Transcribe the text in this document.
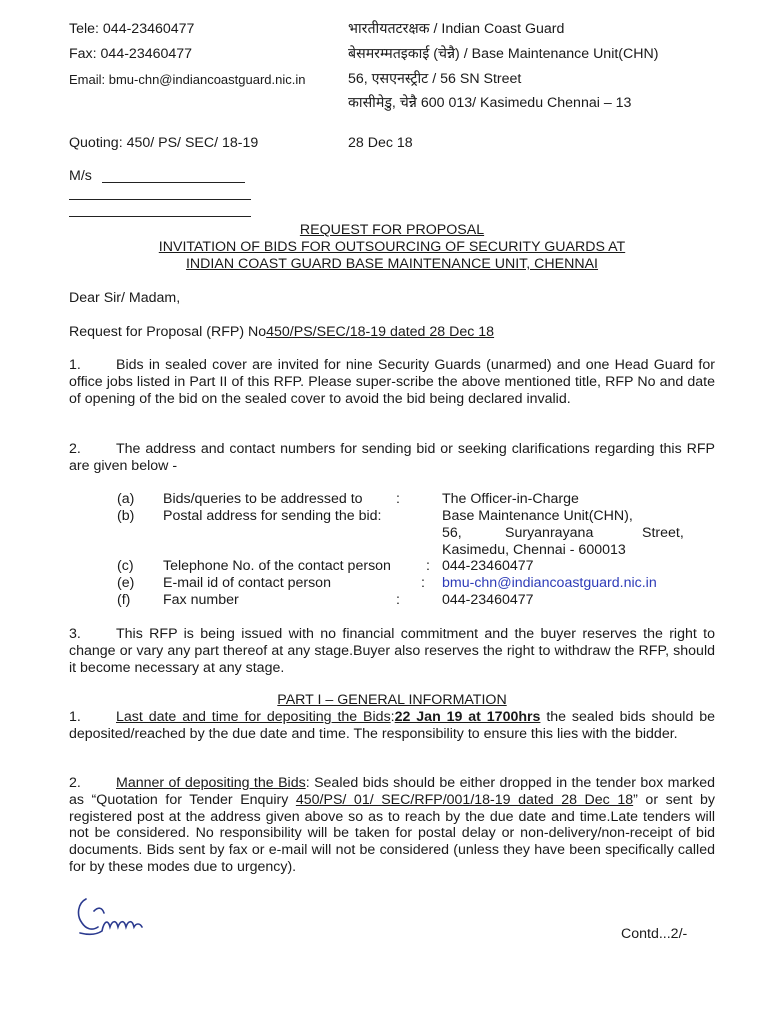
Tele: 044-23460477
Fax: 044-23460477
Email: bmu-chn@indiancoastguard.nic.in
भारतीयतटरक्षक / Indian Coast Guard
बेसमरम्मतइकाई (चेन्नै) / Base Maintenance Unit(CHN)
56, एसएनस्ट्रीट / 56 SN Street
कासीमेडु, चेन्नै 600 013/ Kasimedu Chennai – 13
Quoting: 450/ PS/ SEC/ 18-19	28 Dec 18
M/s
REQUEST FOR PROPOSAL
INVITATION OF BIDS FOR OUTSOURCING OF SECURITY GUARDS AT
INDIAN COAST GUARD BASE MAINTENANCE UNIT, CHENNAI
Dear Sir/ Madam,
Request for Proposal (RFP) No450/PS/SEC/18-19 dated 28 Dec 18
1. Bids in sealed cover are invited for nine Security Guards (unarmed) and one Head Guard for office jobs listed in Part II of this RFP. Please super-scribe the above mentioned title, RFP No and date of opening of the bid on the sealed cover to avoid the bid being declared invalid.
2. The address and contact numbers for sending bid or seeking clarifications regarding this RFP are given below -
(a) Bids/queries to be addressed to :	The Officer-in-Charge
(b) Postal address for sending the bid:	Base Maintenance Unit(CHN),
56,	Suryanrayana	Street,
Kasimedu, Chennai - 600013
(c) Telephone No. of the contact person : 044-23460477
(e) E-mail id of contact person	: bmu-chn@indiancoastguard.nic.in
(f) Fax number	:	044-23460477
3. This RFP is being issued with no financial commitment and the buyer reserves the right to change or vary any part thereof at any stage.Buyer also reserves the right to withdraw the RFP, should it become necessary at any stage.
PART I – GENERAL INFORMATION
1. Last date and time for depositing the Bids:22 Jan 19 at 1700hrs the sealed bids should be deposited/reached by the due date and time. The responsibility to ensure this lies with the bidder.
2. Manner of depositing the Bids: Sealed bids should be either dropped in the tender box marked as “Quotation for Tender Enquiry 450/PS/ 01/ SEC/RFP/001/18-19 dated 28 Dec 18” or sent by registered post at the address given above so as to reach by the due date and time.Late tenders will not be considered. No responsibility will be taken for postal delay or non-delivery/non-receipt of bid documents. Bids sent by fax or e-mail will not be considered (unless they have been specifically called for by these modes due to urgency).
Contd...2/-
